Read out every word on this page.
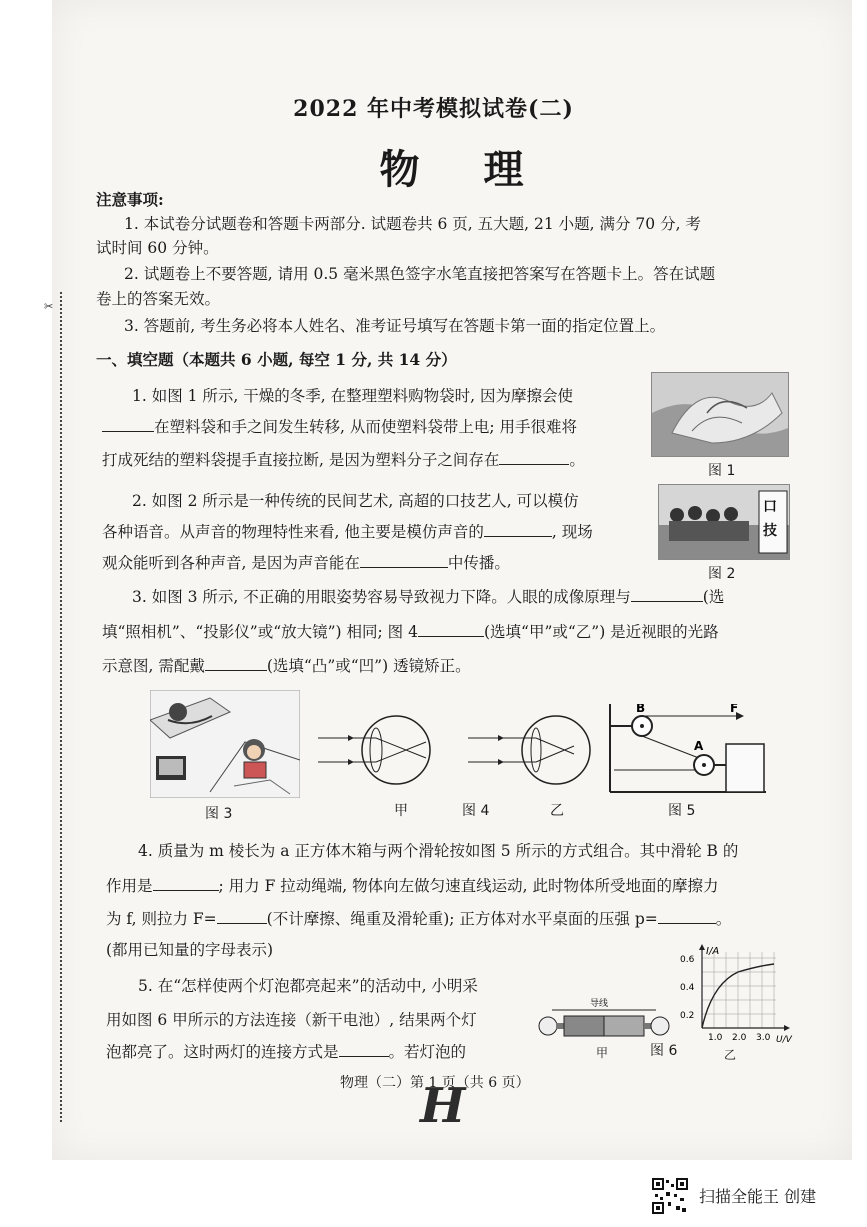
✂
2022 年中考模拟试卷(二)
物理
注意事项:
1. 本试卷分试题卷和答题卡两部分. 试题卷共 6 页, 五大题, 21 小题, 满分 70 分, 考
试时间 60 分钟。
2. 试题卷上不要答题, 请用 0.5 毫米黑色签字水笔直接把答案写在答题卡上。答在试题
卷上的答案无效。
3. 答题前, 考生务必将本人姓名、准考证号填写在答题卡第一面的指定位置上。
一、填空题（本题共 6 小题, 每空 1 分, 共 14 分）
1. 如图 1 所示, 干燥的冬季, 在整理塑料购物袋时, 因为摩擦会使
在塑料袋和手之间发生转移, 从而使塑料袋带上电; 用手很难将
打成死结的塑料袋提手直接拉断, 是因为塑料分子之间存在	。
图 1
2. 如图 2 所示是一种传统的民间艺术, 高超的口技艺人, 可以模仿
各种语音。从声音的物理特性来看, 他主要是模仿声音的	, 现场
观众能听到各种声音, 是因为声音能在	中传播。
口
技
图 2
3. 如图 3 所示, 不正确的用眼姿势容易导致视力下降。人眼的成像原理与	(选
填“照相机”、“投影仪”或“放大镜”) 相同; 图 4	(选填“甲”或“乙”) 是近视眼的光路
示意图, 需配戴	(选填“凸”或“凹”) 透镜矫正。
图 3	甲	图 4	乙
B	F
A
图 5
4. 质量为 m 棱长为 a 正方体木箱与两个滑轮按如图 5 所示的方式组合。其中滑轮 B 的
作用是	; 用力 F 拉动绳端, 物体向左做匀速直线运动, 此时物体所受地面的摩擦力
为 f, 则拉力 F=	(不计摩擦、绳重及滑轮重); 正方体对水平桌面的压强 p=	。
(都用已知量的字母表示)
5. 在“怎样使两个灯泡都亮起来”的活动中, 小明采
用如图 6 甲所示的方法连接（新干电池）, 结果两个灯
泡都亮了。这时两灯的连接方式是	。若灯泡的
导线
甲	图 6	乙
I/A
0.6
0.4
0.2
1.0 2.0 3.0 U/V
物理（二）第 1 页（共 6 页）
H
扫描全能王 创建
